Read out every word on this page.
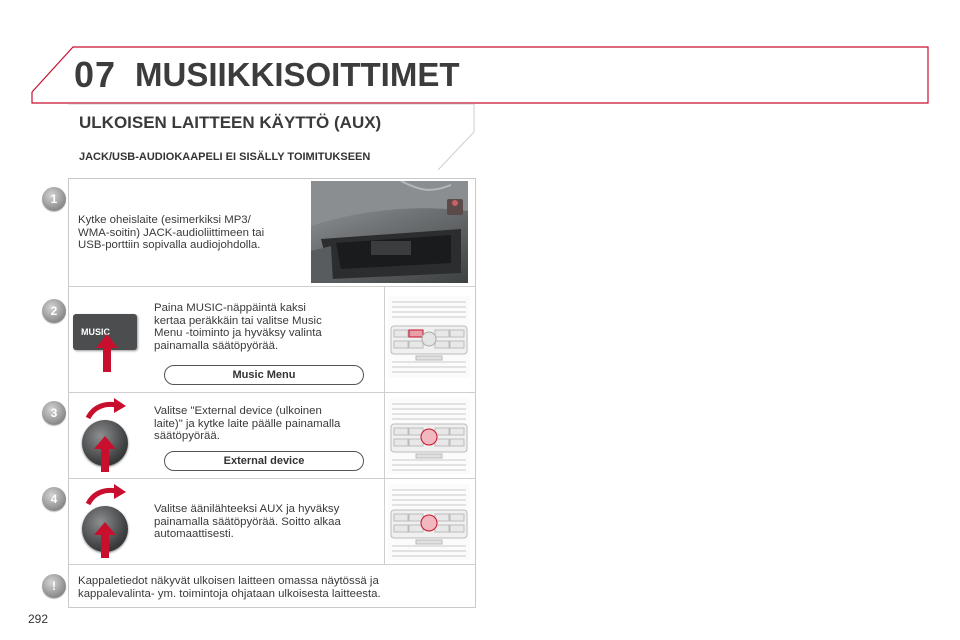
07 MUSIIKKISOITTIMET
ULKOISEN LAITTEEN KÄYTTÖ (AUX)
JACK/USB-AUDIOKAAPELI EI SISÄLLY TOIMITUKSEEN
1
Kytke oheislaite (esimerkiksi MP3/
WMA-soitin) JACK-audioliittimeen tai
USB-porttiin sopivalla audiojohdolla.
2
MUSIC
Paina MUSIC-näppäintä kaksi
kertaa peräkkäin tai valitse Music
Menu -toiminto ja hyväksy valinta
painamalla säätöpyörää.
Music Menu
3	Valitse "External device (ulkoinen
laite)" ja kytke laite päälle painamalla
säätöpyörää.
External device
4
Valitse äänilähteeksi AUX ja hyväksy
painamalla säätöpyörää. Soitto alkaa
automaattisesti.
!	Kappaletiedot näkyvät ulkoisen laitteen omassa näytössä ja
kappalevalinta- ym. toimintoja ohjataan ulkoisesta laitteesta.
292
